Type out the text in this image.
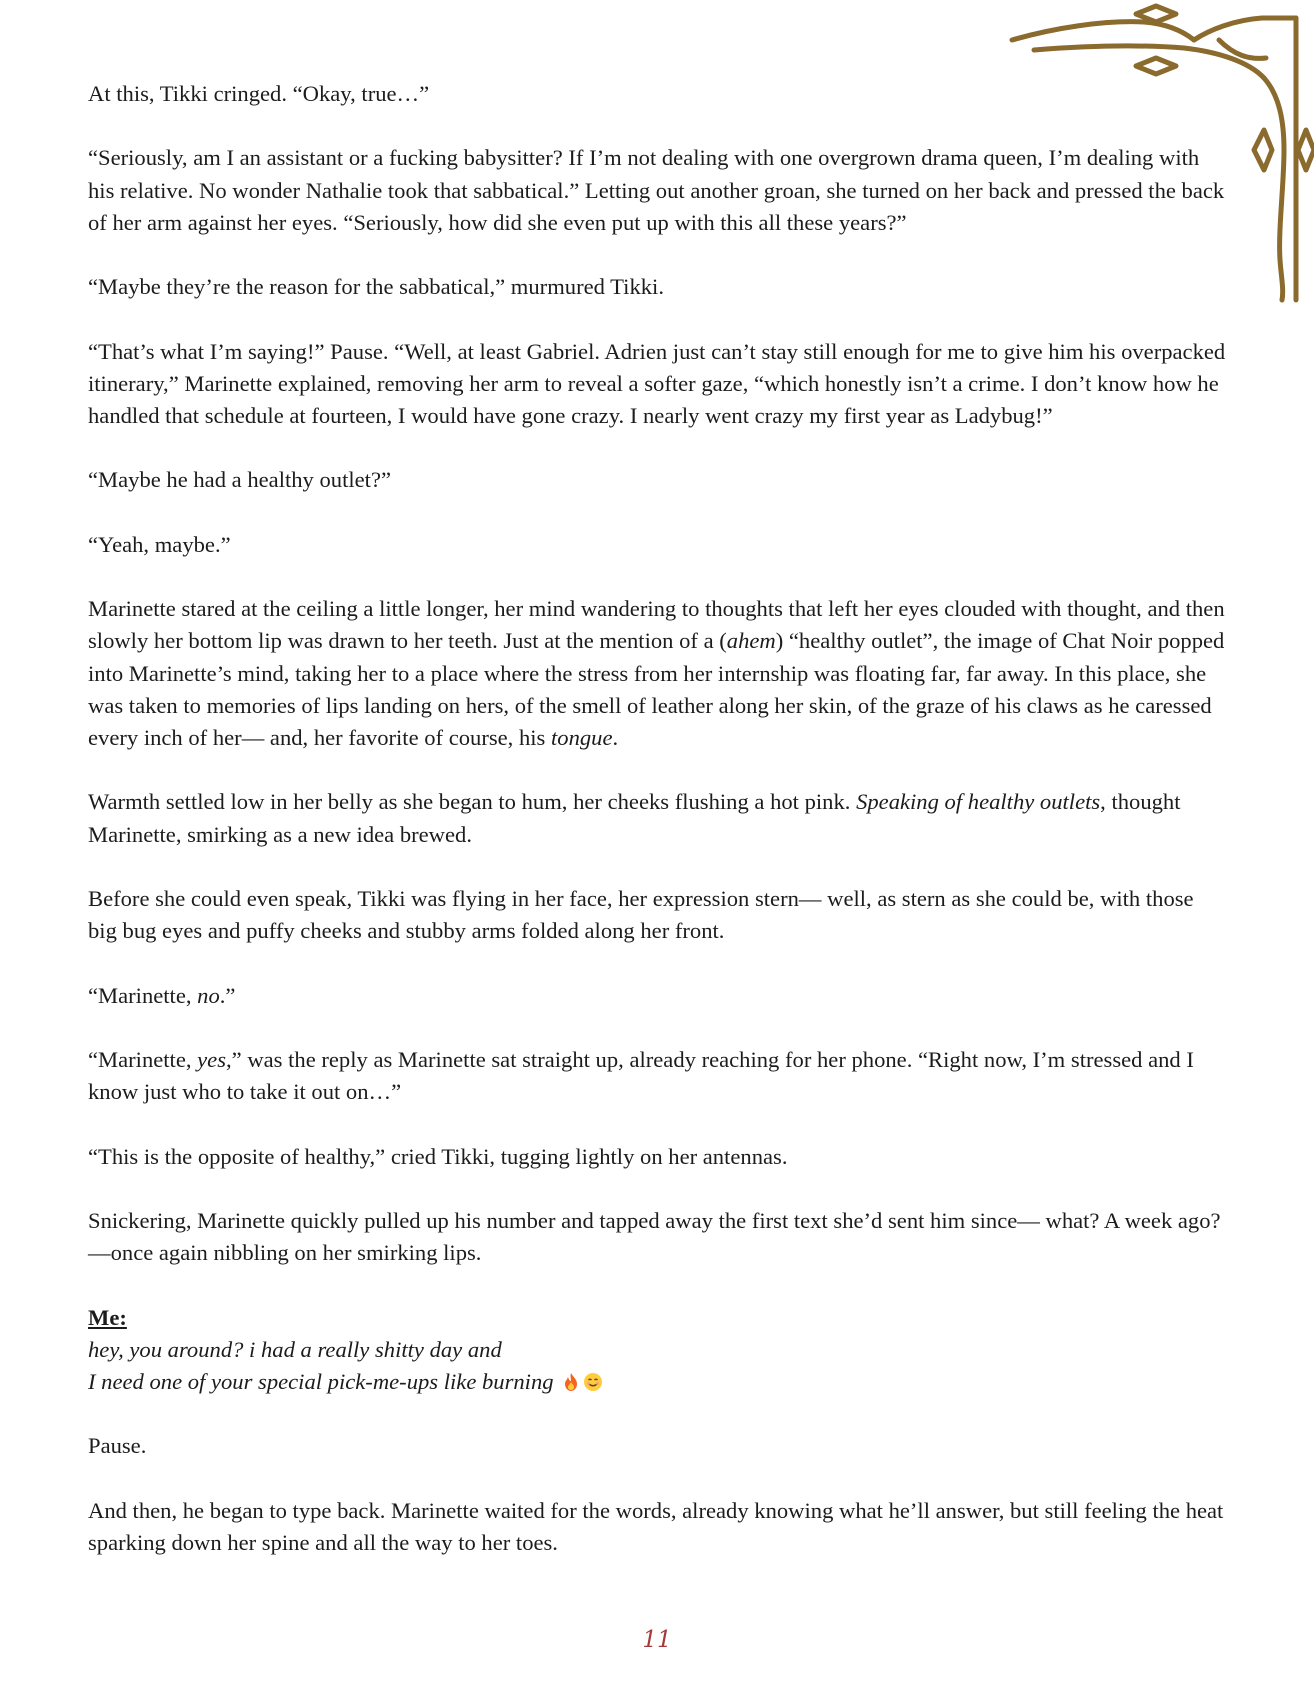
At this, Tikki cringed. “Okay, true…”

“Seriously, am I an assistant or a fucking babysitter? If I’m not dealing with one overgrown drama queen, I’m dealing with his relative. No wonder Nathalie took that sabbatical.” Letting out another groan, she turned on her back and pressed the back of her arm against her eyes. “Seriously, how did she even put up with this all these years?”

“Maybe they’re the reason for the sabbatical,” murmured Tikki.

“That’s what I’m saying!” Pause. “Well, at least Gabriel. Adrien just can’t stay still enough for me to give him his overpacked itinerary,” Marinette explained, removing her arm to reveal a softer gaze, “which honestly isn’t a crime. I don’t know how he handled that schedule at fourteen, I would have gone crazy. I nearly went crazy my first year as Ladybug!”

“Maybe he had a healthy outlet?”

“Yeah, maybe.”

Marinette stared at the ceiling a little longer, her mind wandering to thoughts that left her eyes clouded with thought, and then slowly her bottom lip was drawn to her teeth. Just at the mention of a (ahem) “healthy outlet”, the image of Chat Noir popped into Marinette’s mind, taking her to a place where the stress from her internship was floating far, far away. In this place, she was taken to memories of lips landing on hers, of the smell of leather along her skin, of the graze of his claws as he caressed every inch of her— and, her favorite of course, his tongue.

Warmth settled low in her belly as she began to hum, her cheeks flushing a hot pink. Speaking of healthy outlets, thought Marinette, smirking as a new idea brewed.

Before she could even speak, Tikki was flying in her face, her expression stern— well, as stern as she could be, with those big bug eyes and puffy cheeks and stubby arms folded along her front.

“Marinette, no.”

“Marinette, yes,” was the reply as Marinette sat straight up, already reaching for her phone. “Right now, I’m stressed and I know just who to take it out on…”

“This is the opposite of healthy,” cried Tikki, tugging lightly on her antennas.

Snickering, Marinette quickly pulled up his number and tapped away the first text she’d sent him since— what? A week ago?—once again nibbling on her smirking lips.

Me:
hey, you around? i had a really shitty day and
I need one of your special pick-me-ups like burning

Pause.

And then, he began to type back. Marinette waited for the words, already knowing what he’ll answer, but still feeling the heat sparking down her spine and all the way to her toes.

11
